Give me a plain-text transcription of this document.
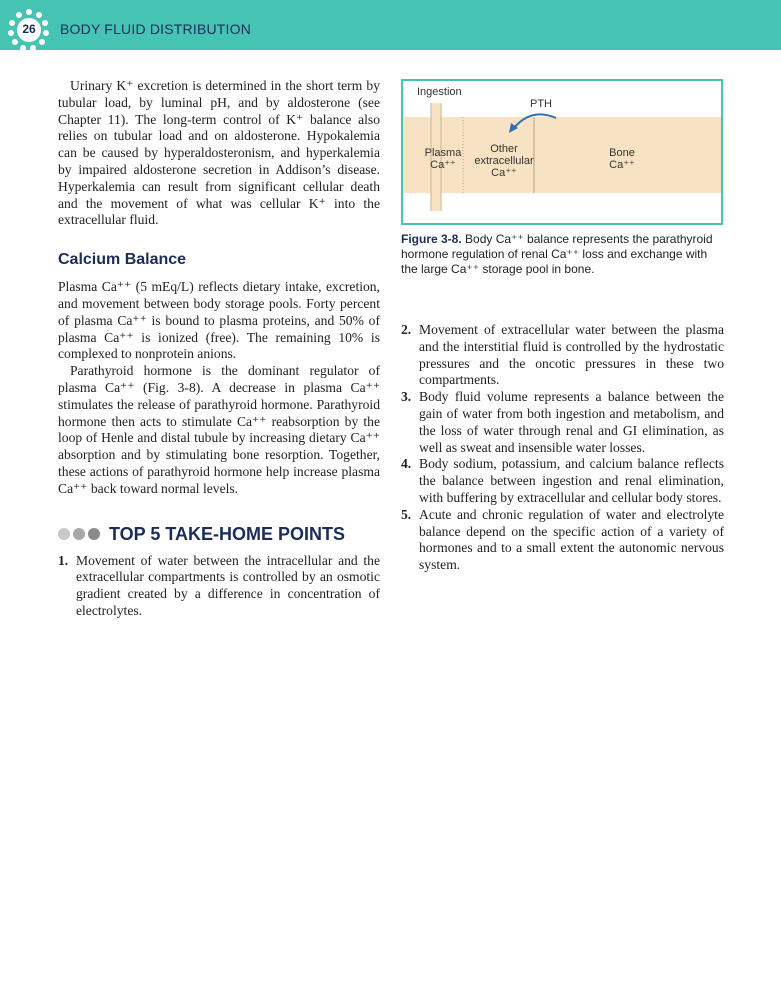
26	BODY FLUID DISTRIBUTION

Urinary K⁺ excretion is determined in the short term by tubular load, by luminal pH, and by aldosterone (see Chapter 11). The long-term control of K⁺ balance also relies on tubular load and on aldosterone. Hypokalemia can be caused by hyperaldosteronism, and hyperkalemia by impaired aldosterone secretion in Addison’s disease. Hyperkalemia can result from significant cellular death and the movement of what was cellular K⁺ into the extracellular fluid.

Calcium Balance

Plasma Ca⁺⁺ (5 mEq/L) reflects dietary intake, excretion, and movement between body storage pools. Forty percent of plasma Ca⁺⁺ is bound to plasma proteins, and 50% of plasma Ca⁺⁺ is ionized (free). The remaining 10% is complexed to nonprotein anions.

Parathyroid hormone is the dominant regulator of plasma Ca⁺⁺ (Fig. 3-8). A decrease in plasma Ca⁺⁺ stimulates the release of parathyroid hormone. Parathyroid hormone then acts to stimulate Ca⁺⁺ reabsorption by the loop of Henle and distal tubule by increasing dietary Ca⁺⁺ absorption and by stimulating bone resorption. Together, these actions of parathyroid hormone help increase plasma Ca⁺⁺ back toward normal levels.

TOP 5 TAKE-HOME POINTS
1. Movement of water between the intracellular and the extracellular compartments is controlled by an osmotic gradient created by a difference in concentration of electrolytes.
Ingestion
PTH
Plasma
Ca⁺⁺
Other
extracellular
Ca⁺⁺
Bone
Ca⁺⁺
Figure 3-8. Body Ca⁺⁺ balance represents the parathyroid hormone regulation of renal Ca⁺⁺ loss and exchange with the large Ca⁺⁺ storage pool in bone.
2. Movement of extracellular water between the plasma and the interstitial fluid is controlled by the hydrostatic pressures and the oncotic pressures in these two compartments.
3. Body fluid volume represents a balance between the gain of water from both ingestion and metabolism, and the loss of water through renal and GI elimination, as well as sweat and insensible water losses.
4. Body sodium, potassium, and calcium balance reflects the balance between ingestion and renal elimination, with buffering by extracellular and cellular body stores.
5. Acute and chronic regulation of water and electrolyte balance depend on the specific action of a variety of hormones and to a small extent the autonomic nervous system.
